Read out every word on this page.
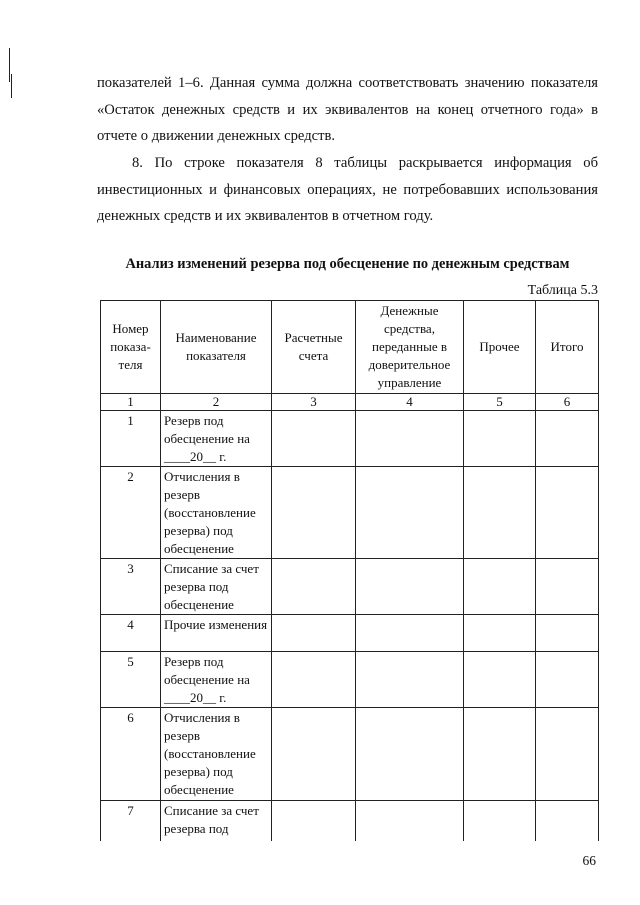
показателей 1–6. Данная сумма должна соответствовать значению показателя «Остаток денежных средств и их эквивалентов на конец отчетного года» в отчете о движении денежных средств.

8. По строке показателя 8 таблицы раскрывается информация об инвестиционных и финансовых операциях, не потребовавших использования денежных средств и их эквивалентов в отчетном году.

Анализ изменений резерва под обесценение по денежным средствам
Таблица 5.3
Номер показа-теля	Наименование показателя	Расчетные счета	Денежные средства, переданные в доверительное управление	Прочее	Итого
1	2	3	4	5	6
1	Резерв под обесценение на ____20__ г.				
2	Отчисления в резерв (восстановление резерва) под обесценение				
3	Списание за счет резерва под обесценение				
4	Прочие изменения				
5	Резерв под обесценение на ____20__ г.				
6	Отчисления в резерв (восстановление резерва) под обесценение				
7	Списание за счет резерва под				
66
